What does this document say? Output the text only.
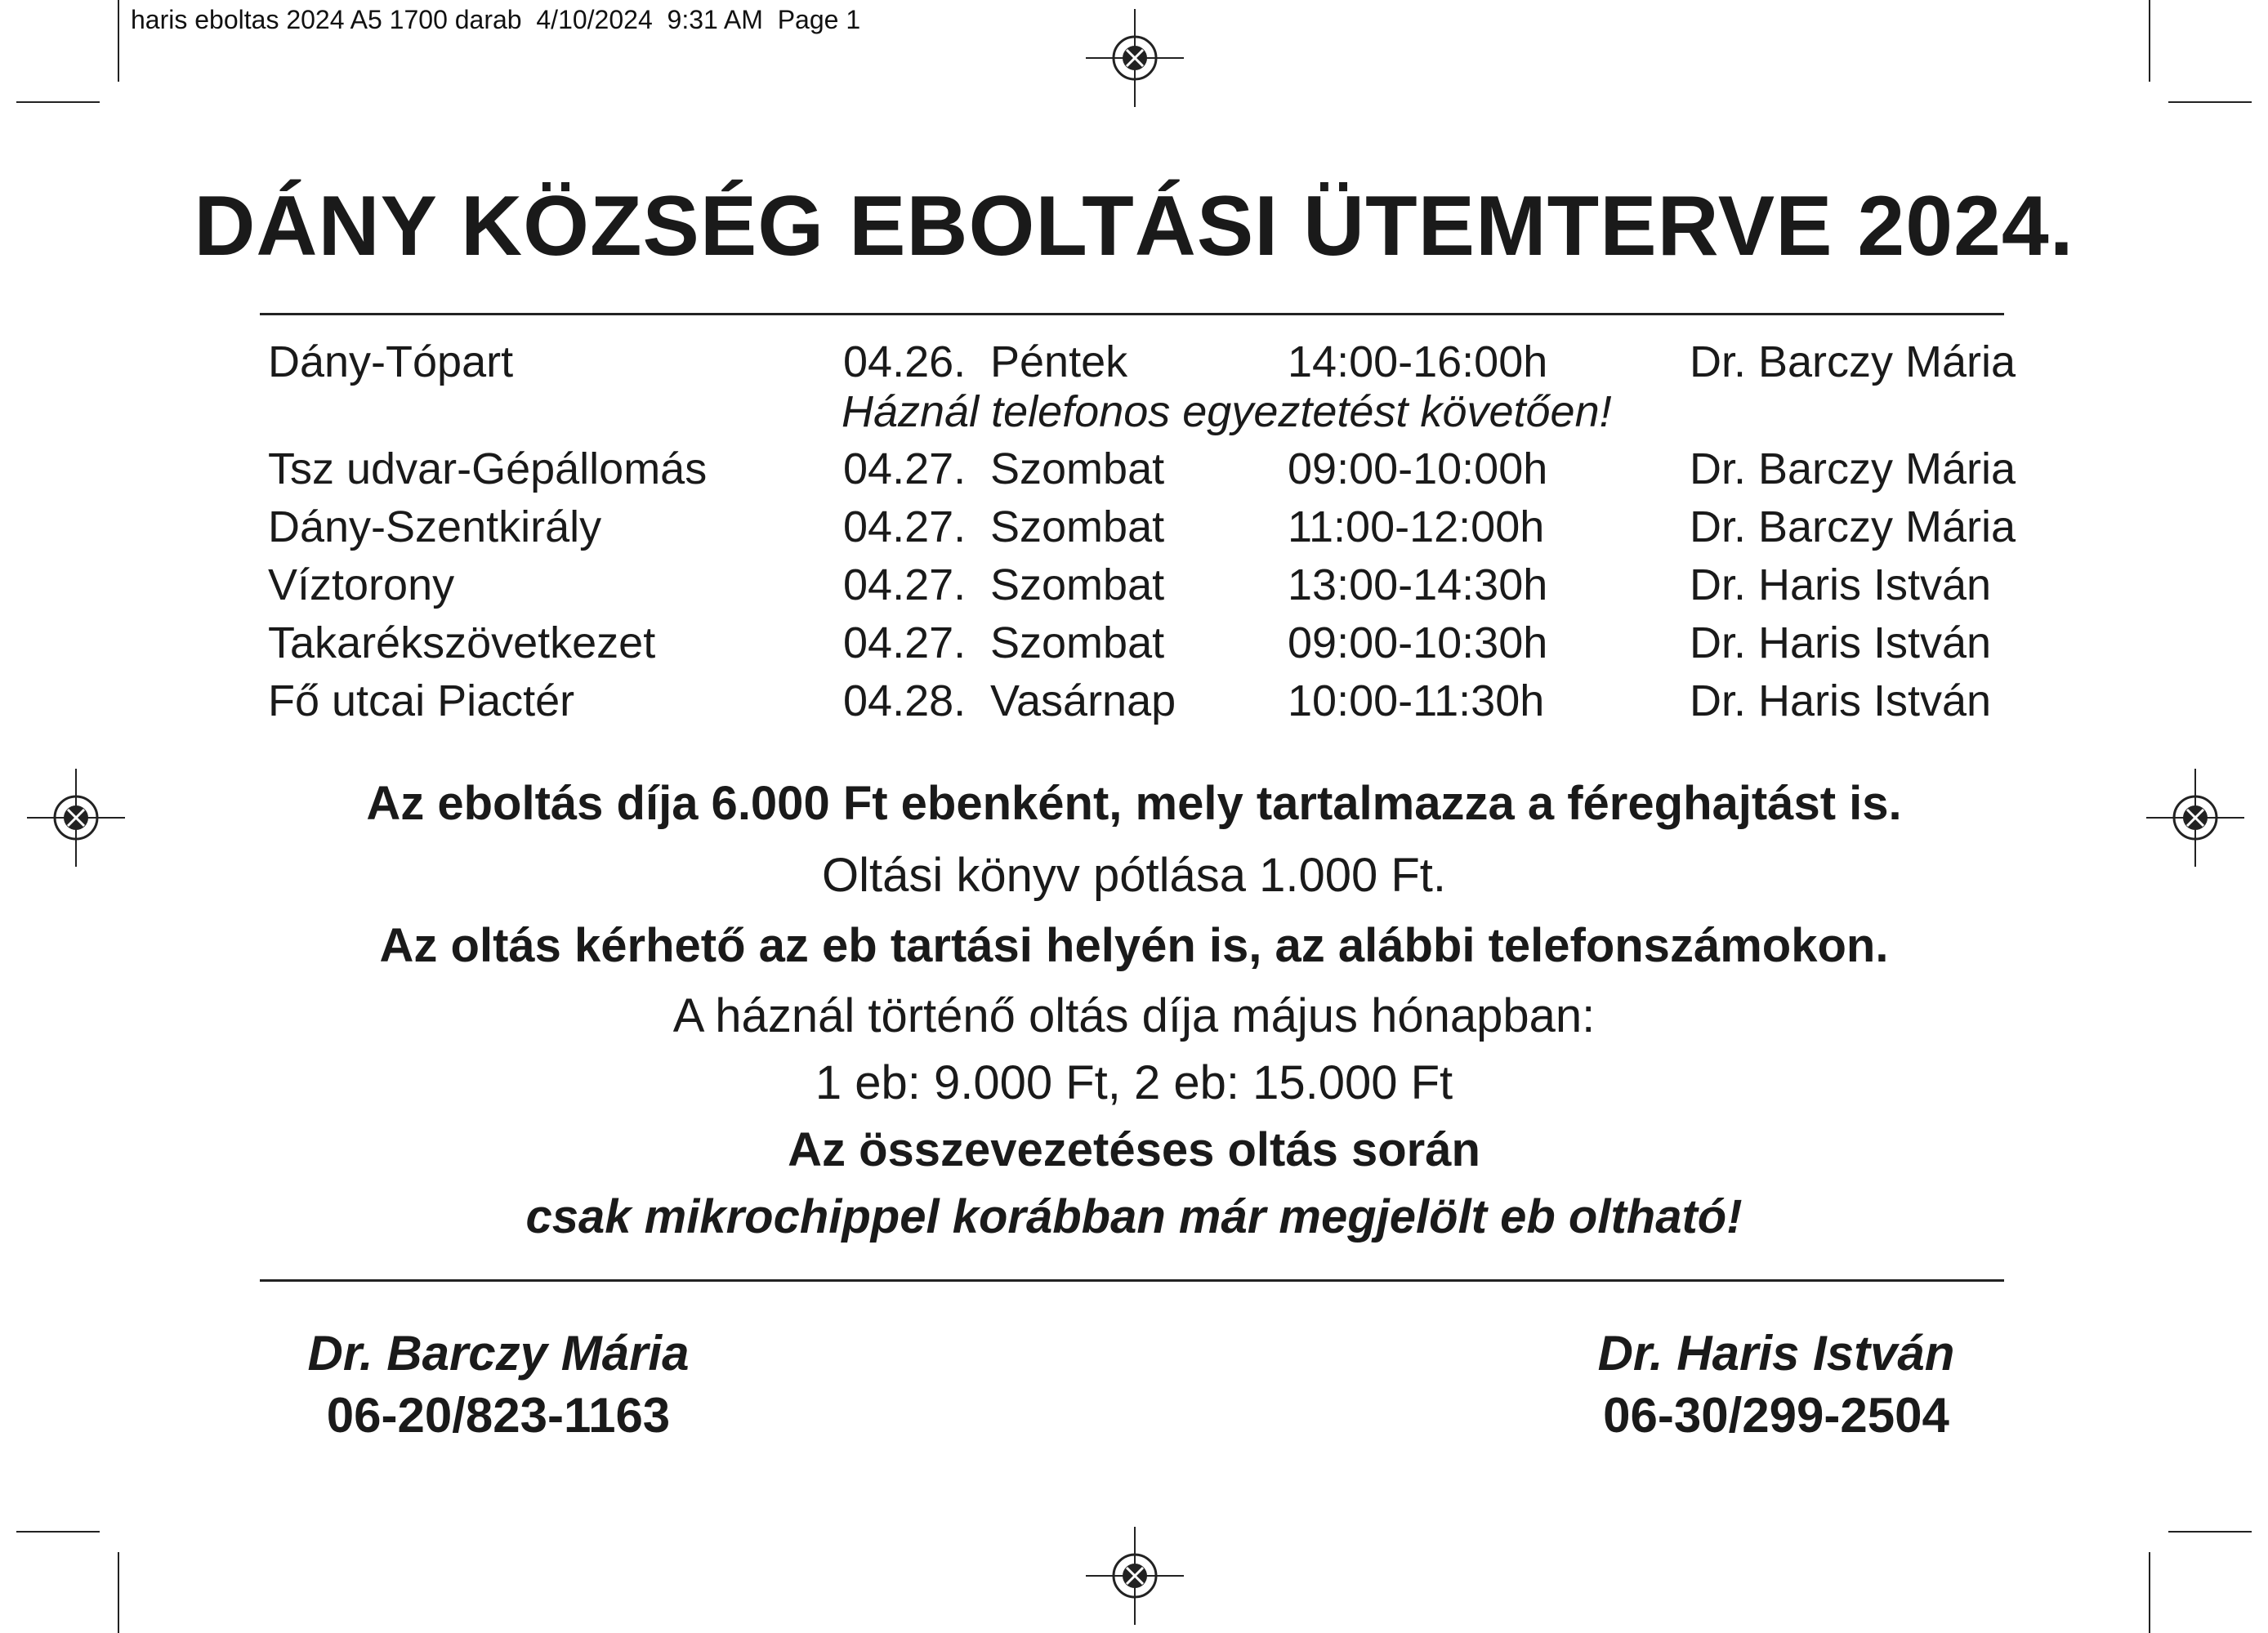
haris eboltas 2024 A5 1700 darab  4/10/2024  9:31 AM  Page 1
DÁNY KÖZSÉG EBOLTÁSI ÜTEMTERVE 2024.
Dány-Tópart	04.26. Péntek	14:00-16:00h	Dr. Barczy Mária
Háznál telefonos egyeztetést követően!
Tsz udvar-Gépállomás	04.27. Szombat	09:00-10:00h	Dr. Barczy Mária
Dány-Szentkirály	04.27. Szombat	11:00-12:00h	Dr. Barczy Mária
Víztorony	04.27. Szombat	13:00-14:30h	Dr. Haris István
Takarékszövetkezet	04.27. Szombat	09:00-10:30h	Dr. Haris István
Fő utcai Piactér	04.28. Vasárnap	10:00-11:30h	Dr. Haris István
Az eboltás díja 6.000 Ft ebenként, mely tartalmazza a féreghajtást is.
Oltási könyv pótlása 1.000 Ft.
Az oltás kérhető az eb tartási helyén is, az alábbi telefonszámokon.
A háznál történő oltás díja május hónapban:
1 eb: 9.000 Ft, 2 eb: 15.000 Ft
Az összevezetéses oltás során
csak mikrochippel korábban már megjelölt eb oltható!
Dr. Barczy Mária
06-20/823-1163
Dr. Haris István
06-30/299-2504
